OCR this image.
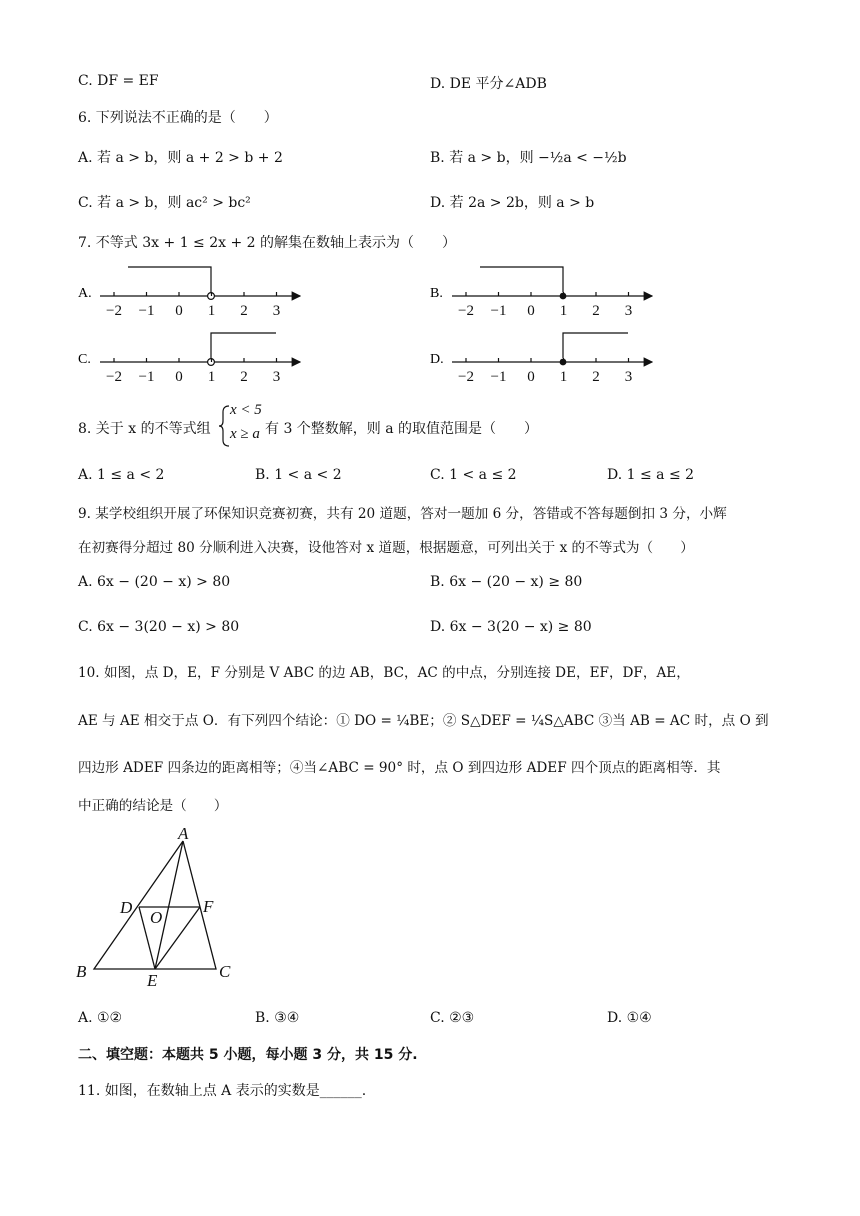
C. DF = EF	D. DE 平分∠ADB
6. 下列说法不正确的是（　　）
A. 若 a > b，则 a + 2 > b + 2	B. 若 a > b，则 −½a < −½b
C. 若 a > b，则 ac² > bc²	D. 若 2a > 2b，则 a > b
7. 不等式 3x + 1 ≤ 2x + 2 的解集在数轴上表示为（　　）
A.	B.
C.	D.
−2 −1 0 1 2 3	−2 −1 0 1 2 3
−2 −1 0 1 2 3	−2 −1 0 1 2 3
8. 关于 x 的不等式组
x < 5
x ≥ a 有 3 个整数解，则 a 的取值范围是（　　）
A. 1 ≤ a < 2	B. 1 < a < 2	C. 1 < a ≤ 2	D. 1 ≤ a ≤ 2
9. 某学校组织开展了环保知识竞赛初赛，共有 20 道题，答对一题加 6 分，答错或不答每题倒扣 3 分，小辉
在初赛得分超过 80 分顺利进入决赛，设他答对 x 道题，根据题意，可列出关于 x 的不等式为（　　）
A. 6x − (20 − x) > 80	B. 6x − (20 − x) ≥ 80
C. 6x − 3(20 − x) > 80	D. 6x − 3(20 − x) ≥ 80
10. 如图，点 D，E，F 分别是 V ABC 的边 AB，BC，AC 的中点，分别连接 DE，EF，DF，AE，
AE 与 AE 相交于点 O．有下列四个结论：① DO = ¼BE；② S△DEF = ¼S△ABC ③当 AB = AC 时，点 O 到
四边形 ADEF 四条边的距离相等；④当∠ABC = 90° 时，点 O 到四边形 ADEF 四个顶点的距离相等．其
中正确的结论是（　　）
A
B	C
D
E
F
O
A. ①②	B. ③④	C. ②③	D. ①④
二、填空题：本题共 5 小题，每小题 3 分，共 15 分.
11. 如图，在数轴上点 A 表示的实数是______.
